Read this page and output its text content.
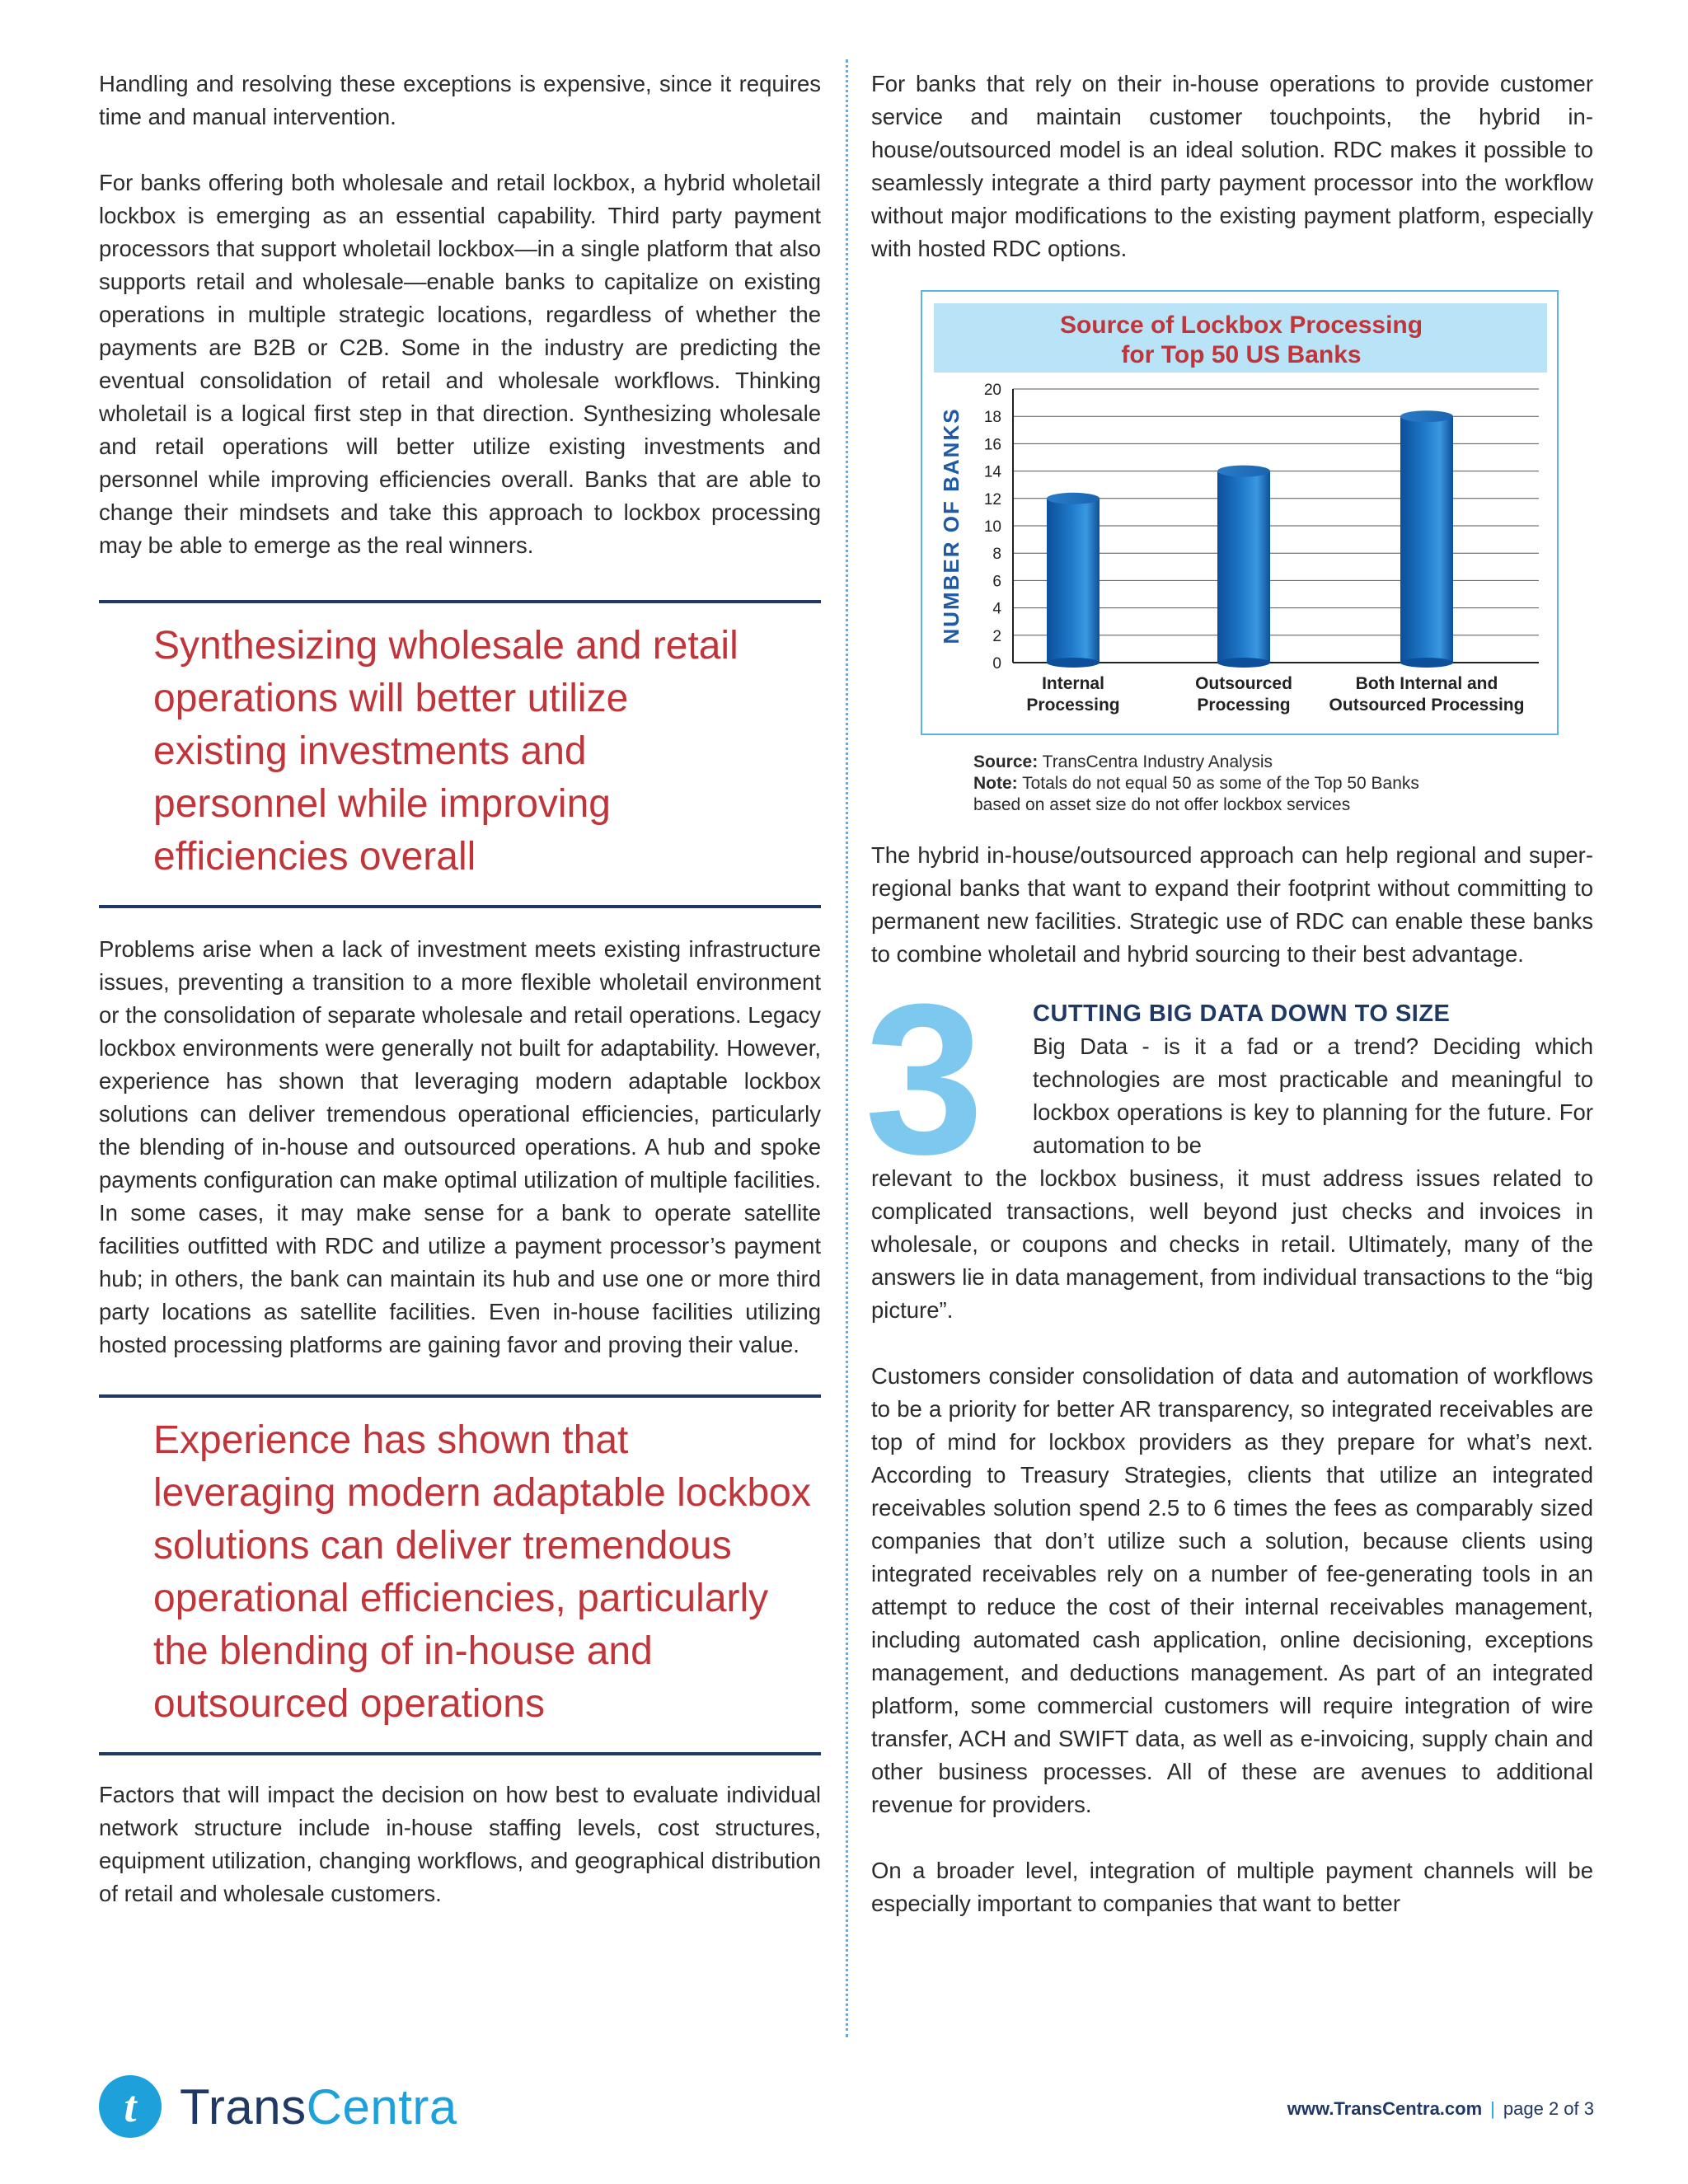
Handling and resolving these exceptions is expensive, since it requires time and manual intervention.

For banks offering both wholesale and retail lockbox, a hybrid wholetail lockbox is emerging as an essential capability. Third party payment processors that support wholetail lockbox—in a single platform that also supports retail and wholesale—enable banks to capitalize on existing operations in multiple strategic locations, regardless of whether the payments are B2B or C2B. Some in the industry are predicting the eventual consolidation of retail and wholesale workflows. Thinking wholetail is a logical first step in that direction. Synthesizing wholesale and retail operations will better utilize existing investments and personnel while improving efficiencies overall. Banks that are able to change their mindsets and take this approach to lockbox processing may be able to emerge as the real winners.

Synthesizing wholesale and retail operations will better utilize existing investments and personnel while improving efficiencies overall

Problems arise when a lack of investment meets existing infrastructure issues, preventing a transition to a more flexible wholetail environment or the consolidation of separate wholesale and retail operations. Legacy lockbox environments were generally not built for adaptability. However, experience has shown that leveraging modern adaptable lockbox solutions can deliver tremendous operational efficiencies, particularly the blending of in-house and outsourced operations. A hub and spoke payments configuration can make optimal utilization of multiple facilities. In some cases, it may make sense for a bank to operate satellite facilities outfitted with RDC and utilize a payment processor’s payment hub; in others, the bank can maintain its hub and use one or more third party locations as satellite facilities. Even in-house facilities utilizing hosted processing platforms are gaining favor and proving their value.

Experience has shown that leveraging modern adaptable lockbox solutions can deliver tremendous operational efficiencies, particularly the blending of in-house and outsourced operations

Factors that will impact the decision on how best to evaluate individual network structure include in-house staffing levels, cost structures, equipment utilization, changing workflows, and geographical distribution of retail and wholesale customers.

For banks that rely on their in-house operations to provide customer service and maintain customer touchpoints, the hybrid in-house/outsourced model is an ideal solution. RDC makes it possible to seamlessly integrate a third party payment processor into the workflow without major modifications to the existing payment platform, especially with hosted RDC options.

Source of Lockbox Processing
for Top 50 US Banks
NUMBER OF BANKS
0
2
4
6
8
10
12
14
16
18
20
Internal
Processing
Outsourced
Processing
Both Internal and
Outsourced Processing
Source: TransCentra Industry Analysis
Note: Totals do not equal 50 as some of the Top 50 Banks
based on asset size do not offer lockbox services

The hybrid in-house/outsourced approach can help regional and super-regional banks that want to expand their footprint without committing to permanent new facilities. Strategic use of RDC can enable these banks to combine wholetail and hybrid sourcing to their best advantage.

3 CUTTING BIG DATA DOWN TO SIZE

Big Data - is it a fad or a trend? Deciding which technologies are most practicable and meaningful to lockbox operations is key to planning for the future. For automation to be

relevant to the lockbox business, it must address issues related to complicated transactions, well beyond just checks and invoices in wholesale, or coupons and checks in retail. Ultimately, many of the answers lie in data management, from individual transactions to the “big picture”.

Customers consider consolidation of data and automation of workflows to be a priority for better AR transparency, so integrated receivables are top of mind for lockbox providers as they prepare for what’s next. According to Treasury Strategies, clients that utilize an integrated receivables solution spend 2.5 to 6 times the fees as comparably sized companies that don’t utilize such a solution, because clients using integrated receivables rely on a number of fee-generating tools in an attempt to reduce the cost of their internal receivables management, including automated cash application, online decisioning, exceptions management, and deductions management. As part of an integrated platform, some commercial customers will require integration of wire transfer, ACH and SWIFT data, as well as e-invoicing, supply chain and other business processes. All of these are avenues to additional revenue for providers.

On a broader level, integration of multiple payment channels will be especially important to companies that want to better

t TransCentra	www.TransCentra.com | page 2 of 3
